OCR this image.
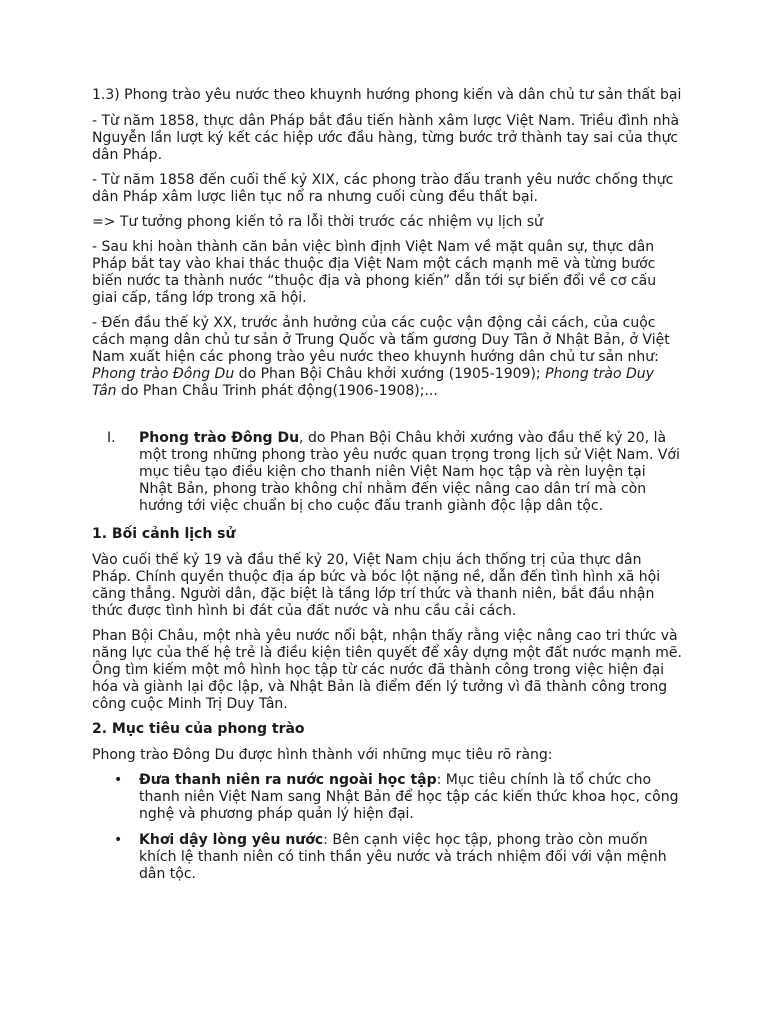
1.3) Phong trào yêu nước theo khuynh hướng phong kiến và dân chủ tư sản thất bại

- Từ năm 1858, thực dân Pháp bắt đầu tiến hành xâm lược Việt Nam. Triều đình nhà Nguyễn lần lượt ký kết các hiệp ước đầu hàng, từng bước trở thành tay sai của thực dân Pháp.

- Từ năm 1858 đến cuối thế kỷ XIX, các phong trào đấu tranh yêu nước chống thực dân Pháp xâm lược liên tục nổ ra nhưng cuối cùng đều thất bại.

=> Tư tưởng phong kiến tỏ ra lỗi thời trước các nhiệm vụ lịch sử

- Sau khi hoàn thành căn bản việc bình định Việt Nam về mặt quân sự, thực dân Pháp bắt tay vào khai thác thuộc địa Việt Nam một cách mạnh mẽ và từng bước biến nước ta thành nước “thuộc địa và phong kiến” dẫn tới sự biến đổi về cơ cấu giai cấp, tầng lớp trong xã hội.

- Đến đầu thế kỷ XX, trước ảnh hưởng của các cuộc vận động cải cách, của cuộc cách mạng dân chủ tư sản ở Trung Quốc và tấm gương Duy Tân ở Nhật Bản, ở Việt Nam xuất hiện các phong trào yêu nước theo khuynh hướng dân chủ tư sản như: Phong trào Đông Du do Phan Bội Châu khởi xướng (1905-1909); Phong trào Duy Tân do Phan Châu Trinh phát động(1906-1908);...

I. Phong trào Đông Du, do Phan Bội Châu khởi xướng vào đầu thế kỷ 20, là một trong những phong trào yêu nước quan trọng trong lịch sử Việt Nam. Với mục tiêu tạo điều kiện cho thanh niên Việt Nam học tập và rèn luyện tại Nhật Bản, phong trào không chỉ nhằm đến việc nâng cao dân trí mà còn hướng tới việc chuẩn bị cho cuộc đấu tranh giành độc lập dân tộc.
1. Bối cảnh lịch sử

Vào cuối thế kỷ 19 và đầu thế kỷ 20, Việt Nam chịu ách thống trị của thực dân Pháp. Chính quyền thuộc địa áp bức và bóc lột nặng nề, dẫn đến tình hình xã hội căng thẳng. Người dân, đặc biệt là tầng lớp trí thức và thanh niên, bắt đầu nhận thức được tình hình bi đát của đất nước và nhu cầu cải cách.

Phan Bội Châu, một nhà yêu nước nổi bật, nhận thấy rằng việc nâng cao tri thức và năng lực của thế hệ trẻ là điều kiện tiên quyết để xây dựng một đất nước mạnh mẽ. Ông tìm kiếm một mô hình học tập từ các nước đã thành công trong việc hiện đại hóa và giành lại độc lập, và Nhật Bản là điểm đến lý tưởng vì đã thành công trong công cuộc Minh Trị Duy Tân.

2. Mục tiêu của phong trào

Phong trào Đông Du được hình thành với những mục tiêu rõ ràng:

• Đưa thanh niên ra nước ngoài học tập: Mục tiêu chính là tổ chức cho thanh niên Việt Nam sang Nhật Bản để học tập các kiến thức khoa học, công nghệ và phương pháp quản lý hiện đại.
• Khơi dậy lòng yêu nước: Bên cạnh việc học tập, phong trào còn muốn khích lệ thanh niên có tinh thần yêu nước và trách nhiệm đối với vận mệnh dân tộc.
